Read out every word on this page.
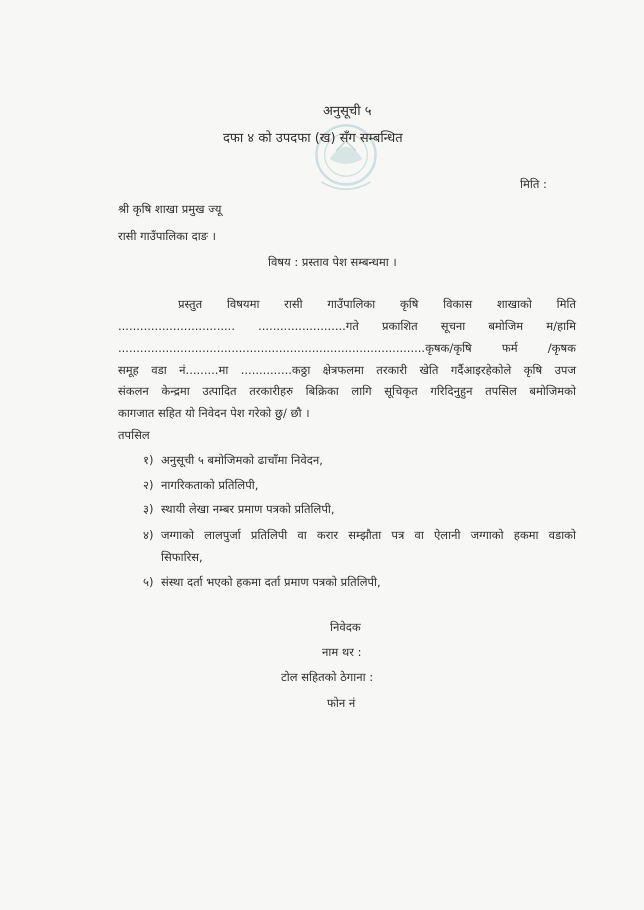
अनुसूची ५
दफा ४ को उपदफा (ख) सँग सम्बन्धित
मिति :
श्री कृषि शाखा प्रमुख ज्यू
रासी गाउँपालिका दाङ ।
विषय : प्रस्ताव पेश सम्बन्धमा ।
प्रस्तुत विषयमा रासी गाउँपालिका कृषि विकास शाखाको मिति
................................ ........................गते प्रकाशित सूचना बमोजिम म/हामि
....................................................................................कृषक/कृषि फर्म /कृषक
समूह वडा नं.........मा ..............कठ्ठा क्षेत्रफलमा तरकारी खेति गर्दैआइरहेकोले कृषि उपज
संकलन केन्द्रमा उत्पादित तरकारीहरु बिक्रिका लागि सूचिकृत गरिदिनुहुन तपसिल बमोजिमको
कागजात सहित यो निवेदन पेश गरेको छु/ छौ ।
तपसिल
१) अनुसूची ५ बमोजिमको ढाचाँमा निवेदन,
२) नागरिकताको प्रतिलिपी,
३) स्थायी लेखा नम्बर प्रमाण पत्रको प्रतिलिपी,
४) जग्गाको लालपुर्जा प्रतिलिपी वा करार सम्झौता पत्र वा ऐलानी जग्गाको हकमा वडाको
सिफारिस,
५) संस्था दर्ता भएको हकमा दर्ता प्रमाण पत्रको प्रतिलिपी,
निवेदक
नाम थर :
टोल सहितको ठेगाना :
फोन नं
